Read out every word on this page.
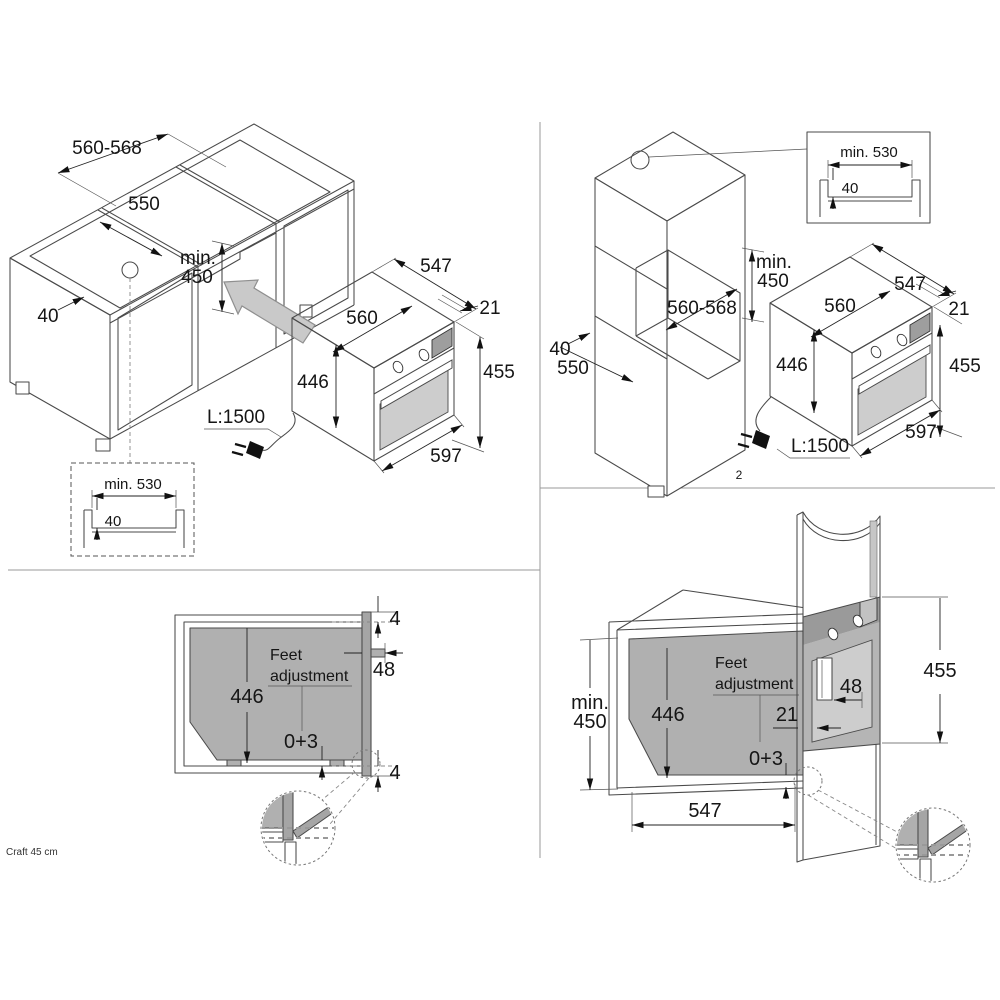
560-568
550
min.
450
40
547
560	21
446	455
597
L:1500
min. 530
40
min.
450
560-568
40
550
min. 530
40
547
560	21
446	455
597
L:1500
2
4
48
Feet
adjustment
446
0+3
4
min.
450 446
Feet
adjustment
0+3
547
48
21
455
Craft 45 cm
